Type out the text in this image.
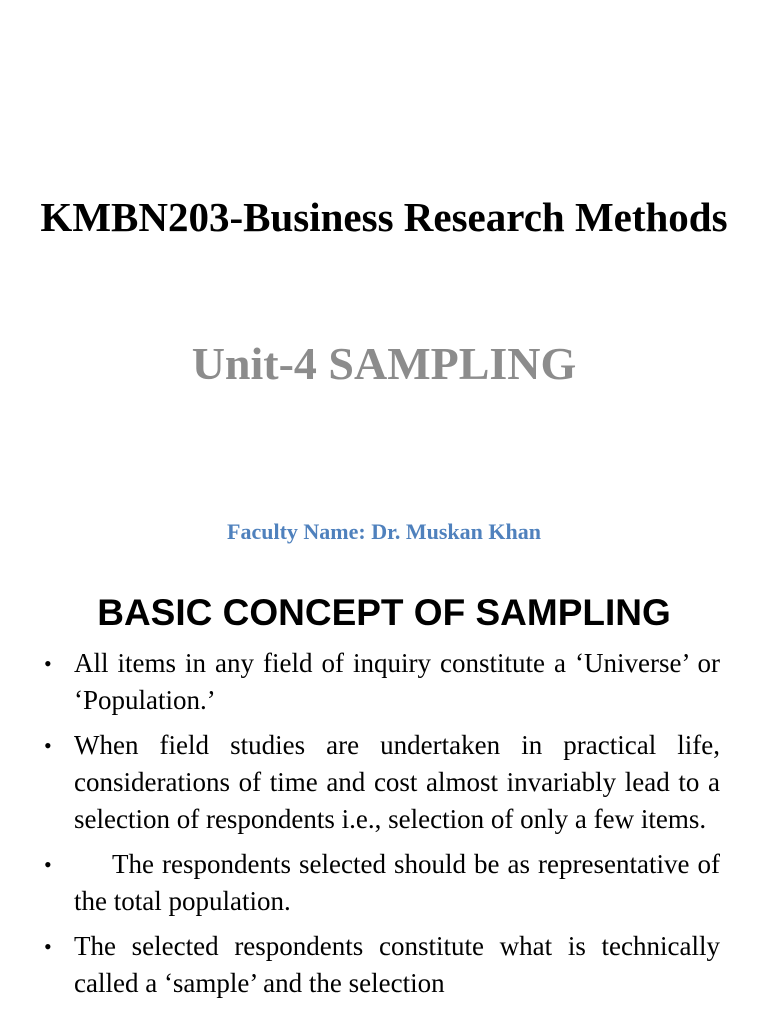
KMBN203-Business Research Methods
Unit-4 SAMPLING

Faculty Name: Dr. Muskan Khan

BASIC CONCEPT OF SAMPLING
• All items in any field of inquiry constitute a ‘Universe’ or ‘Population.’
• When field studies are undertaken in practical life, considerations of time and cost almost invariably lead to a selection of respondents i.e., selection of only a few items.
•	The respondents selected should be as representative of the total population.
• The selected respondents constitute what is technically called a ‘sample’ and the selection
